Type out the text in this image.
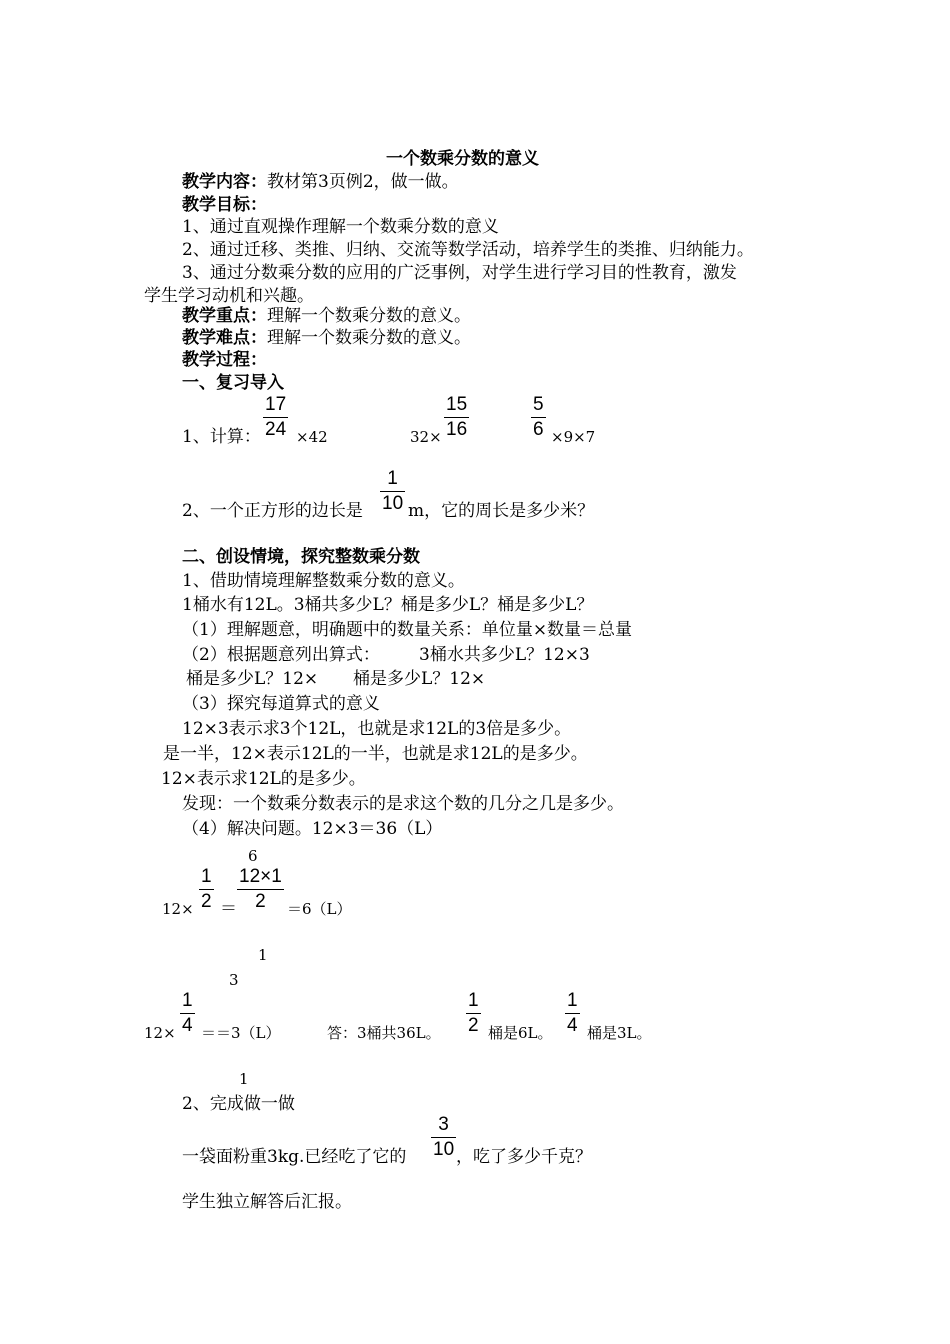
一个数乘分数的意义
教学内容：教材第3页例2，做一做。
教学目标：
1、通过直观操作理解一个数乘分数的意义
2、通过迁移、类推、归纳、交流等数学活动，培养学生的类推、归纳能力。
3、通过分数乘分数的应用的广泛事例，对学生进行学习目的性教育，激发
学生学习动机和兴趣。
教学重点：理解一个数乘分数的意义。
教学难点：理解一个数乘分数的意义。
教学过程：
一、复习导入
1、计算：
17
24 ×42	32×
15
16
5
6 ×9×7
2、一个正方形的边长是
1
10 m，它的周长是多少米？
二、创设情境，探究整数乘分数
1、借助情境理解整数乘分数的意义。
1桶水有12L。3桶共多少L？桶是多少L？桶是多少L？
（1）理解题意，明确题中的数量关系：单位量×数量＝总量
（2）根据题意列出算式： 3桶水共多少L？12×3
桶是多少L？12× 桶是多少L？12×
（3）探究每道算式的意义
12×3表示求3个12L，也就是求12L的3倍是多少。
是一半，12×表示12L的一半，也就是求12L的是多少。
12×表示求12L的是多少。
发现：一个数乘分数表示的是求这个数的几分之几是多少。
（4）解决问题。12×3＝36（L）
6
12×
1
2 ＝
12×1
2	＝6（L）
1
3
12×
1
4 ＝＝3（L）	答：3桶共36L。
1
2 桶是6L。
1
4 桶是3L。
1
2、完成做一做
一袋面粉重3kg.已经吃了它的
3
10 ，吃了多少千克？
学生独立解答后汇报。
